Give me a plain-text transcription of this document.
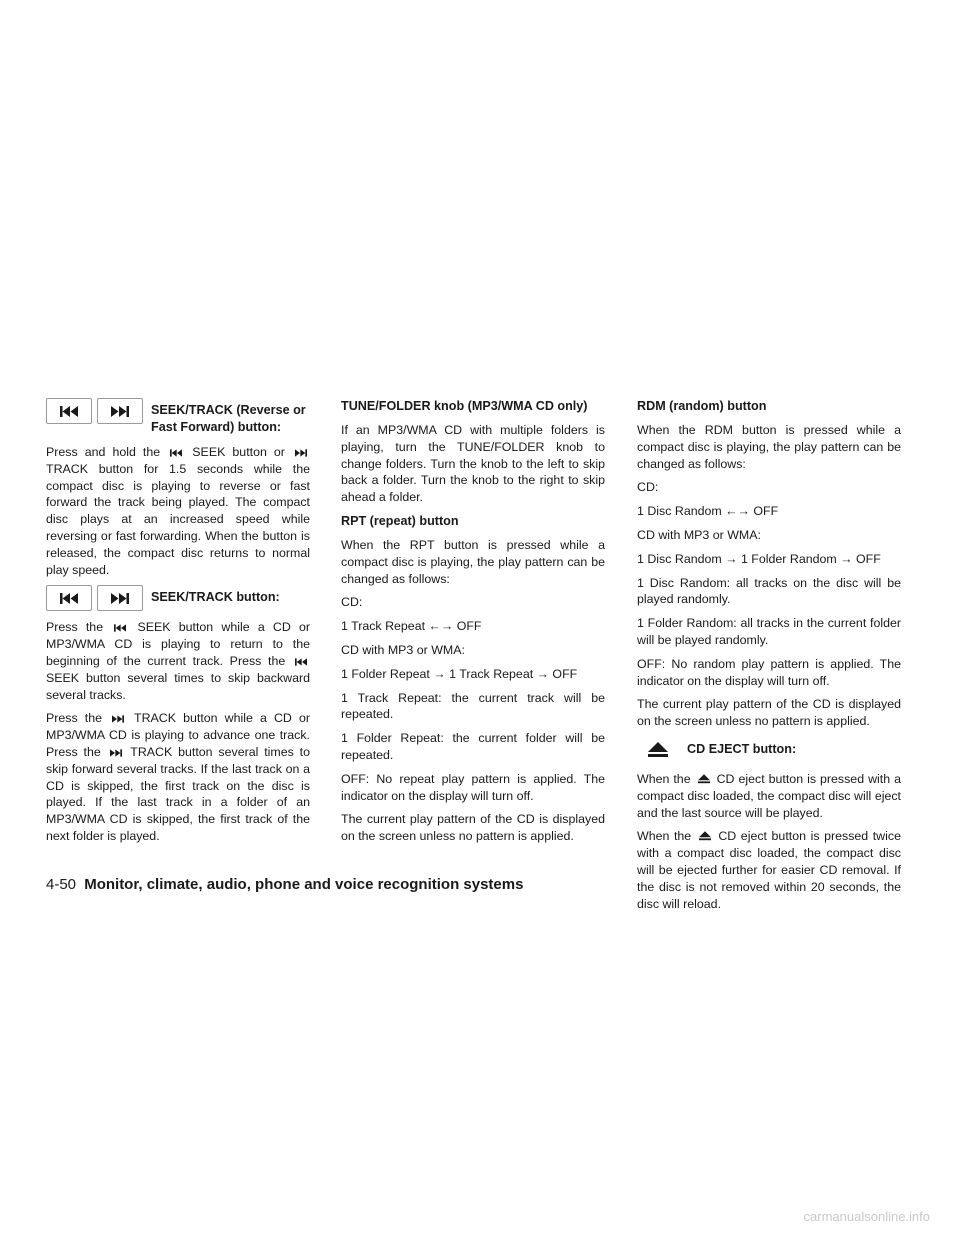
SEEK/TRACK (Reverse or
Fast Forward) button:

Press and hold the	SEEK button or  TRACK button for 1.5 seconds while the compact disc is playing to reverse or fast forward the track being played. The compact disc plays at an increased speed while reversing or fast forwarding. When the button is released, the compact disc returns to normal play speed.

SEEK/TRACK button:

Press the	SEEK button while a CD or MP3/WMA CD is playing to return to the beginning of the current track. Press the  SEEK button several times to skip backward several tracks.

Press the	TRACK button while a CD or MP3/WMA CD is playing to advance one track. Press the TRACK button several times to skip forward several tracks. If the last track on a CD is skipped, the first track on the disc is played. If the last track in a folder of an MP3/WMA CD is skipped, the first track of the next folder is played.

TUNE/FOLDER knob (MP3/WMA CD only)

If an MP3/WMA CD with multiple folders is playing, turn the TUNE/FOLDER knob to change folders. Turn the knob to the left to skip back a folder. Turn the knob to the right to skip ahead a folder.

RPT (repeat) button

When the RPT button is pressed while a compact disc is playing, the play pattern can be changed as follows:

CD:

1 Track Repeat ←→ OFF

CD with MP3 or WMA:

1 Folder Repeat → 1 Track Repeat → OFF

1 Track Repeat: the current track will be repeated.

1 Folder Repeat: the current folder will be repeated.

OFF: No repeat play pattern is applied. The indicator on the display will turn off.

The current play pattern of the CD is displayed on the screen unless no pattern is applied.

RDM (random) button

When the RDM button is pressed while a compact disc is playing, the play pattern can be changed as follows:

CD:

1 Disc Random ←→ OFF

CD with MP3 or WMA:

1 Disc Random → 1 Folder Random → OFF

1 Disc Random: all tracks on the disc will be played randomly.

1 Folder Random: all tracks in the current folder will be played randomly.

OFF: No random play pattern is applied. The indicator on the display will turn off.

The current play pattern of the CD is displayed on the screen unless no pattern is applied.

CD EJECT button:

When the CD eject button is pressed with a compact disc loaded, the compact disc will eject and the last source will be played.

When the CD eject button is pressed twice with a compact disc loaded, the compact disc will be ejected further for easier CD removal. If the disc is not removed within 20 seconds, the disc will reload.

4-50 Monitor, climate, audio, phone and voice recognition systems
carmanualsonline.info
